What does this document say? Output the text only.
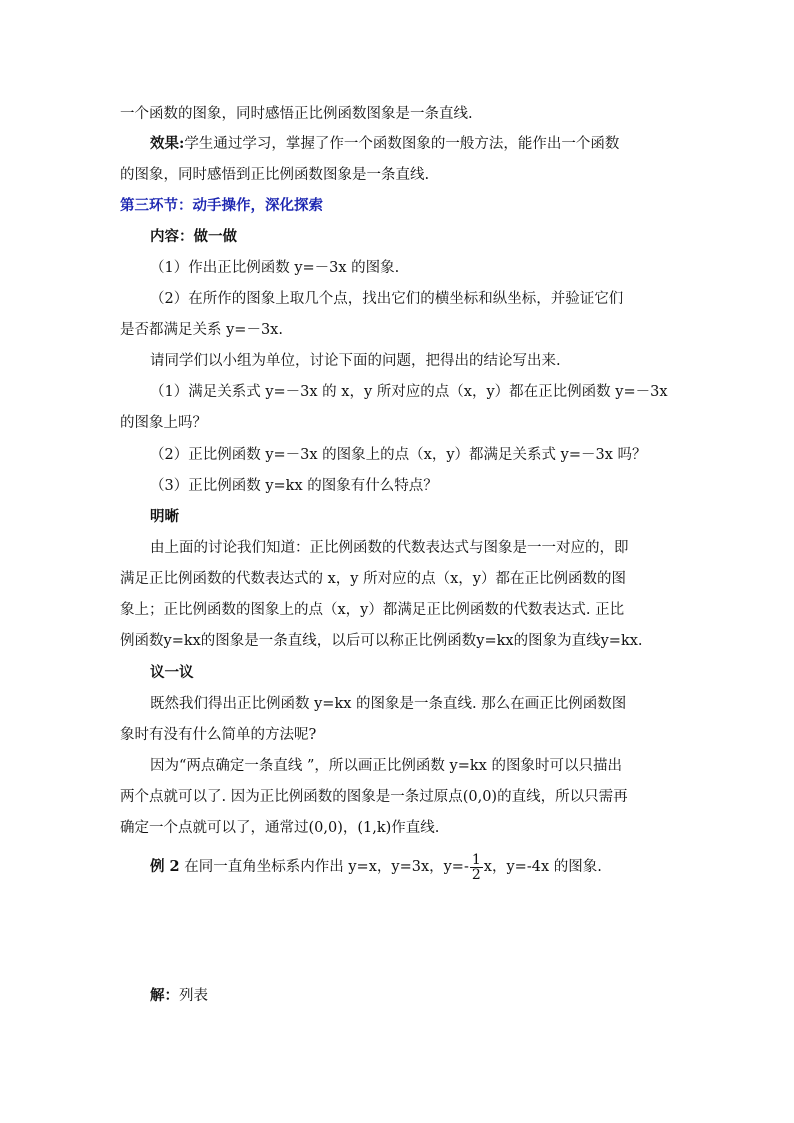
一个函数的图象，同时感悟正比例函数图象是一条直线.
效果:学生通过学习，掌握了作一个函数图象的一般方法，能作出一个函数
的图象，同时感悟到正比例函数图象是一条直线.
第三环节：动手操作，深化探索
内容：做一做
（1）作出正比例函数 y=－3x 的图象.
（2）在所作的图象上取几个点，找出它们的横坐标和纵坐标，并验证它们
是否都满足关系 y=－3x.
请同学们以小组为单位，讨论下面的问题，把得出的结论写出来.
（1）满足关系式 y=－3x 的 x，y 所对应的点（x，y）都在正比例函数 y=－3x
的图象上吗？
（2）正比例函数 y=－3x 的图象上的点（x，y）都满足关系式 y=－3x 吗？
（3）正比例函数 y=kx 的图象有什么特点？
明晰
由上面的讨论我们知道：正比例函数的代数表达式与图象是一一对应的，即
满足正比例函数的代数表达式的 x，y 所对应的点（x，y）都在正比例函数的图
象上；正比例函数的图象上的点（x，y）都满足正比例函数的代数表达式. 正比
例函数y=kx的图象是一条直线，以后可以称正比例函数y=kx的图象为直线y=kx.
议一议
既然我们得出正比例函数 y=kx 的图象是一条直线. 那么在画正比例函数图
象时有没有什么简单的方法呢?
因为“两点确定一条直线 ”，所以画正比例函数 y=kx 的图象时可以只描出
两个点就可以了. 因为正比例函数的图象是一条过原点(0,0)的直线，所以只需再
确定一个点就可以了，通常过(0,0)，(1,k)作直线.
例 2 在同一直角坐标系内作出 y=x，y=3x，$y=- \frac{1}{2}$ x，y=-4x 的图象.
解：列表
